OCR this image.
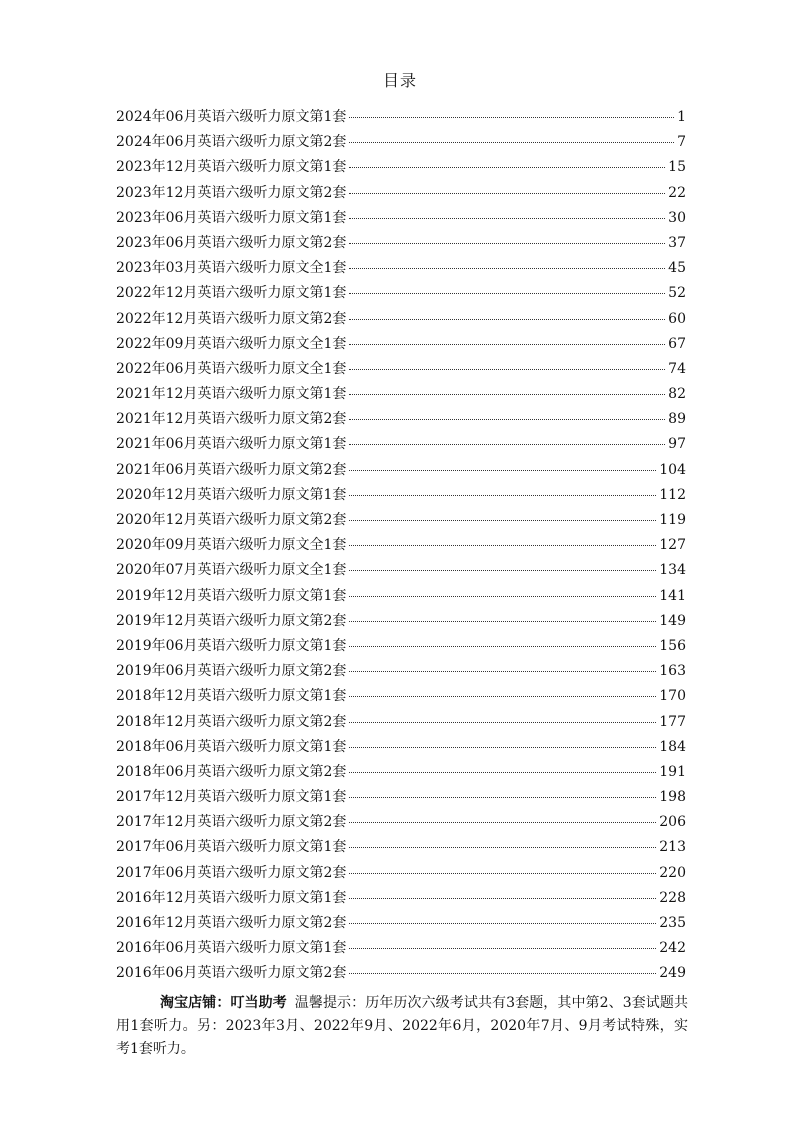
目录
2024年06月英语六级听力原文第1套	1
2024年06月英语六级听力原文第2套	7
2023年12月英语六级听力原文第1套	15
2023年12月英语六级听力原文第2套	22
2023年06月英语六级听力原文第1套	30
2023年06月英语六级听力原文第2套	37
2023年03月英语六级听力原文全1套	45
2022年12月英语六级听力原文第1套	52
2022年12月英语六级听力原文第2套	60
2022年09月英语六级听力原文全1套	67
2022年06月英语六级听力原文全1套	74
2021年12月英语六级听力原文第1套	82
2021年12月英语六级听力原文第2套	89
2021年06月英语六级听力原文第1套	97
2021年06月英语六级听力原文第2套	104
2020年12月英语六级听力原文第1套	112
2020年12月英语六级听力原文第2套	119
2020年09月英语六级听力原文全1套	127
2020年07月英语六级听力原文全1套	134
2019年12月英语六级听力原文第1套	141
2019年12月英语六级听力原文第2套	149
2019年06月英语六级听力原文第1套	156
2019年06月英语六级听力原文第2套	163
2018年12月英语六级听力原文第1套	170
2018年12月英语六级听力原文第2套	177
2018年06月英语六级听力原文第1套	184
2018年06月英语六级听力原文第2套	191
2017年12月英语六级听力原文第1套	198
2017年12月英语六级听力原文第2套	206
2017年06月英语六级听力原文第1套	213
2017年06月英语六级听力原文第2套	220
2016年12月英语六级听力原文第1套	228
2016年12月英语六级听力原文第2套	235
2016年06月英语六级听力原文第1套	242
2016年06月英语六级听力原文第2套	249
淘宝店铺：叮当助考 温馨提示：历年历次六级考试共有3套题，其中第2、3套试题共用1套听力。另：2023年3月、2022年9月、2022年6月，2020年7月、9月考试特殊，实考1套听力。
